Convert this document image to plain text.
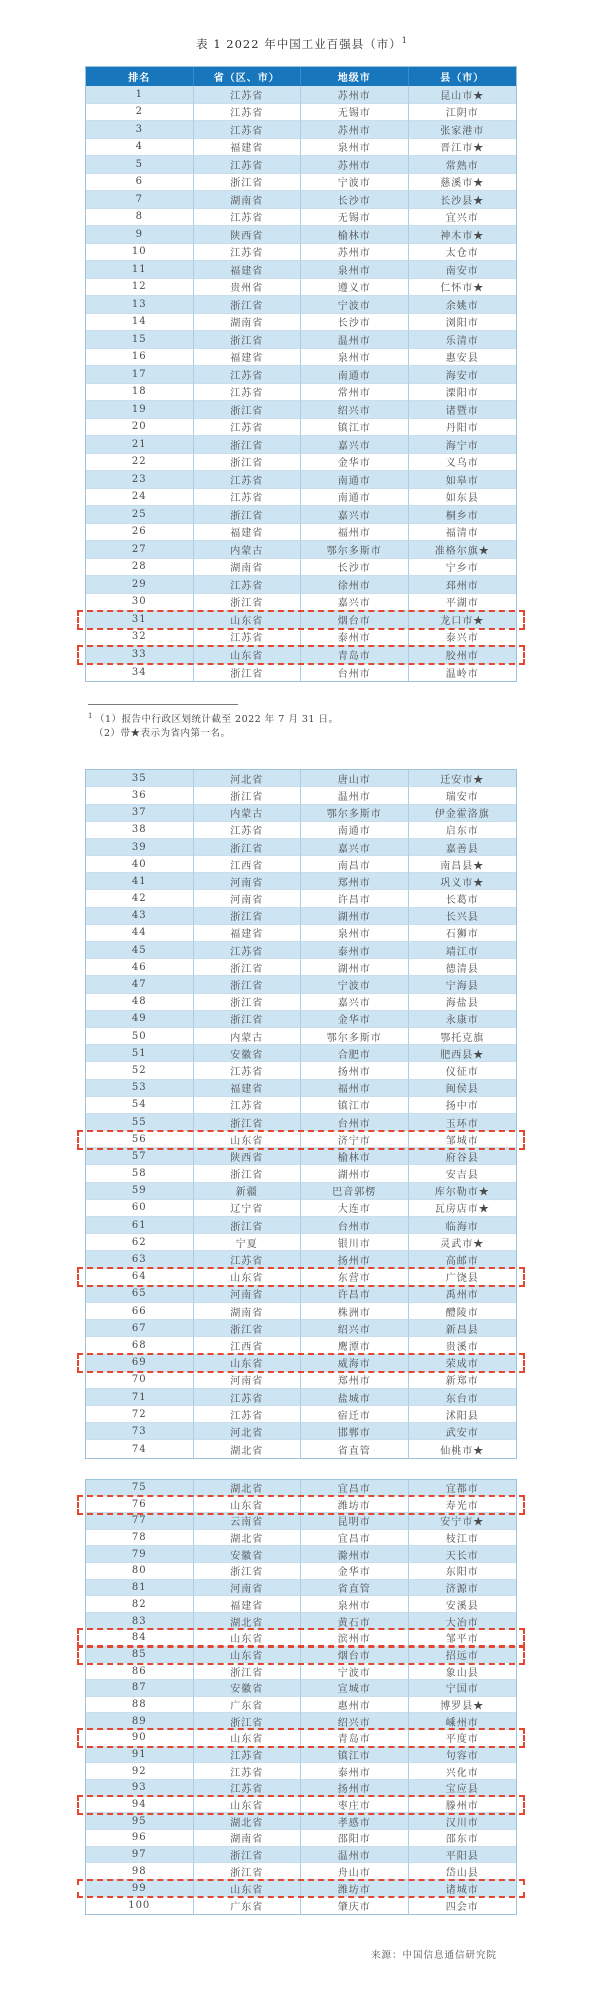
表 1 2022 年中国工业百强县（市）$^1$
排名	省（区、市）	地级市	县（市）
1	江苏省	苏州市	昆山市★
2	江苏省	无锡市	江阴市
3	江苏省	苏州市	张家港市
4	福建省	泉州市	晋江市★
5	江苏省	苏州市	常熟市
6	浙江省	宁波市	慈溪市★
7	湖南省	长沙市	长沙县★
8	江苏省	无锡市	宜兴市
9	陕西省	榆林市	神木市★
10	江苏省	苏州市	太仓市
11	福建省	泉州市	南安市
12	贵州省	遵义市	仁怀市★
13	浙江省	宁波市	余姚市
14	湖南省	长沙市	浏阳市
15	浙江省	温州市	乐清市
16	福建省	泉州市	惠安县
17	江苏省	南通市	海安市
18	江苏省	常州市	溧阳市
19	浙江省	绍兴市	诸暨市
20	江苏省	镇江市	丹阳市
21	浙江省	嘉兴市	海宁市
22	浙江省	金华市	义乌市
23	江苏省	南通市	如皋市
24	江苏省	南通市	如东县
25	浙江省	嘉兴市	桐乡市
26	福建省	福州市	福清市
27	内蒙古	鄂尔多斯市	准格尔旗★
28	湖南省	长沙市	宁乡市
29	江苏省	徐州市	邳州市
30	浙江省	嘉兴市	平湖市
31	山东省	烟台市	龙口市★
32	江苏省	泰州市	泰兴市
33	山东省	青岛市	胶州市
34	浙江省	台州市	温岭市
$^1$ （1）报告中行政区划统计截至 2022 年 7 月 31 日。
（2）带★表示为省内第一名。
35	河北省	唐山市	迁安市★
36	浙江省	温州市	瑞安市
37	内蒙古	鄂尔多斯市	伊金霍洛旗
38	江苏省	南通市	启东市
39	浙江省	嘉兴市	嘉善县
40	江西省	南昌市	南昌县★
41	河南省	郑州市	巩义市★
42	河南省	许昌市	长葛市
43	浙江省	湖州市	长兴县
44	福建省	泉州市	石狮市
45	江苏省	泰州市	靖江市
46	浙江省	湖州市	德清县
47	浙江省	宁波市	宁海县
48	浙江省	嘉兴市	海盐县
49	浙江省	金华市	永康市
50	内蒙古	鄂尔多斯市	鄂托克旗
51	安徽省	合肥市	肥西县★
52	江苏省	扬州市	仪征市
53	福建省	福州市	闽侯县
54	江苏省	镇江市	扬中市
55	浙江省	台州市	玉环市
56	山东省	济宁市	邹城市
57	陕西省	榆林市	府谷县
58	浙江省	湖州市	安吉县
59	新疆	巴音郭楞	库尔勒市★
60	辽宁省	大连市	瓦房店市★
61	浙江省	台州市	临海市
62	宁夏	银川市	灵武市★
63	江苏省	扬州市	高邮市
64	山东省	东营市	广饶县
65	河南省	许昌市	禹州市
66	湖南省	株洲市	醴陵市
67	浙江省	绍兴市	新昌县
68	江西省	鹰潭市	贵溪市
69	山东省	威海市	荣成市
70	河南省	郑州市	新郑市
71	江苏省	盐城市	东台市
72	江苏省	宿迁市	沭阳县
73	河北省	邯郸市	武安市
74	湖北省	省直管	仙桃市★
75	湖北省	宜昌市	宜都市
76	山东省	潍坊市	寿光市
77	云南省	昆明市	安宁市★
78	湖北省	宜昌市	枝江市
79	安徽省	滁州市	天长市
80	浙江省	金华市	东阳市
81	河南省	省直管	济源市
82	福建省	泉州市	安溪县
83	湖北省	黄石市	大冶市
84	山东省	滨州市	邹平市
85	山东省	烟台市	招远市
86	浙江省	宁波市	象山县
87	安徽省	宣城市	宁国市
88	广东省	惠州市	博罗县★
89	浙江省	绍兴市	嵊州市
90	山东省	青岛市	平度市
91	江苏省	镇江市	句容市
92	江苏省	泰州市	兴化市
93	江苏省	扬州市	宝应县
94	山东省	枣庄市	滕州市
95	湖北省	孝感市	汉川市
96	湖南省	邵阳市	邵东市
97	浙江省	温州市	平阳县
98	浙江省	舟山市	岱山县
99	山东省	潍坊市	诸城市
100	广东省	肇庆市	四会市
来源：中国信息通信研究院
